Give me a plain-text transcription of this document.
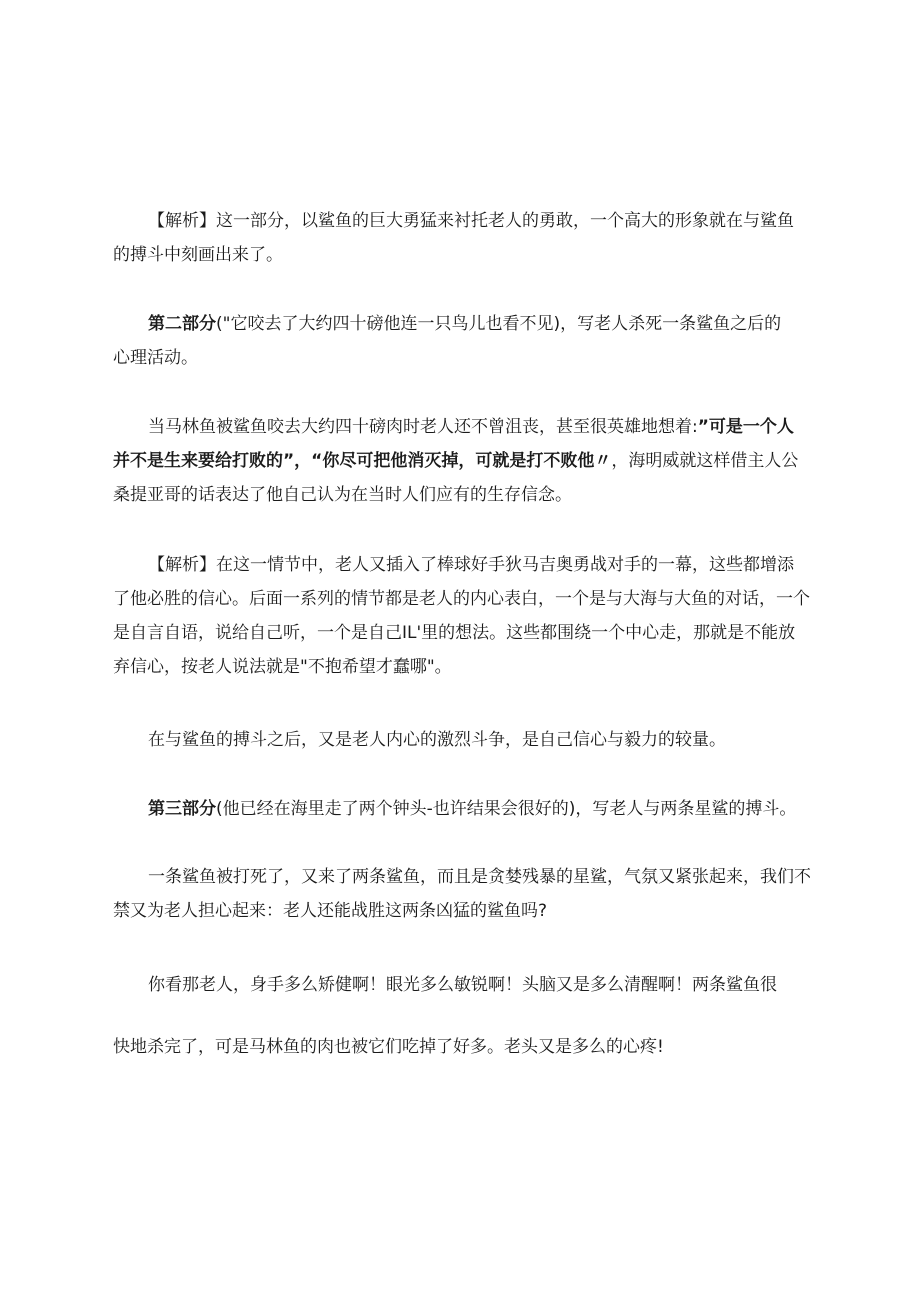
【解析】这一部分，以鲨鱼的巨大勇猛来衬托老人的勇敢，一个高大的形象就在与鲨鱼
的搏斗中刻画出来了。
第二部分("它咬去了大约四十磅他连一只鸟儿也看不见)，写老人杀死一条鲨鱼之后的
心理活动。
当马林鱼被鲨鱼咬去大约四十磅肉时老人还不曾沮丧，甚至很英雄地想着:”可是一个人
并不是生来要给打败的”，“你尽可把他消灭掉，可就是打不败他〃，海明威就这样借主人公
桑提亚哥的话表达了他自己认为在当时人们应有的生存信念。
【解析】在这一情节中，老人又插入了棒球好手狄马吉奥勇战对手的一幕，这些都增添
了他必胜的信心。后面一系列的情节都是老人的内心表白，一个是与大海与大鱼的对话，一个
是自言自语，说给自己听，一个是自己IL'里的想法。这些都围绕一个中心走，那就是不能放
弃信心，按老人说法就是"不抱希望才蠢哪"。
在与鲨鱼的搏斗之后，又是老人内心的激烈斗争，是自己信心与毅力的较量。
第三部分(他已经在海里走了两个钟头-也许结果会很好的)，写老人与两条星鲨的搏斗。
一条鲨鱼被打死了，又来了两条鲨鱼，而且是贪婪残暴的星鲨，气氛又紧张起来，我们不
禁又为老人担心起来：老人还能战胜这两条凶猛的鲨鱼吗?
你看那老人，身手多么矫健啊！眼光多么敏锐啊！头脑又是多么清醒啊！两条鲨鱼很
快地杀完了，可是马林鱼的肉也被它们吃掉了好多。老头又是多么的心疼!
